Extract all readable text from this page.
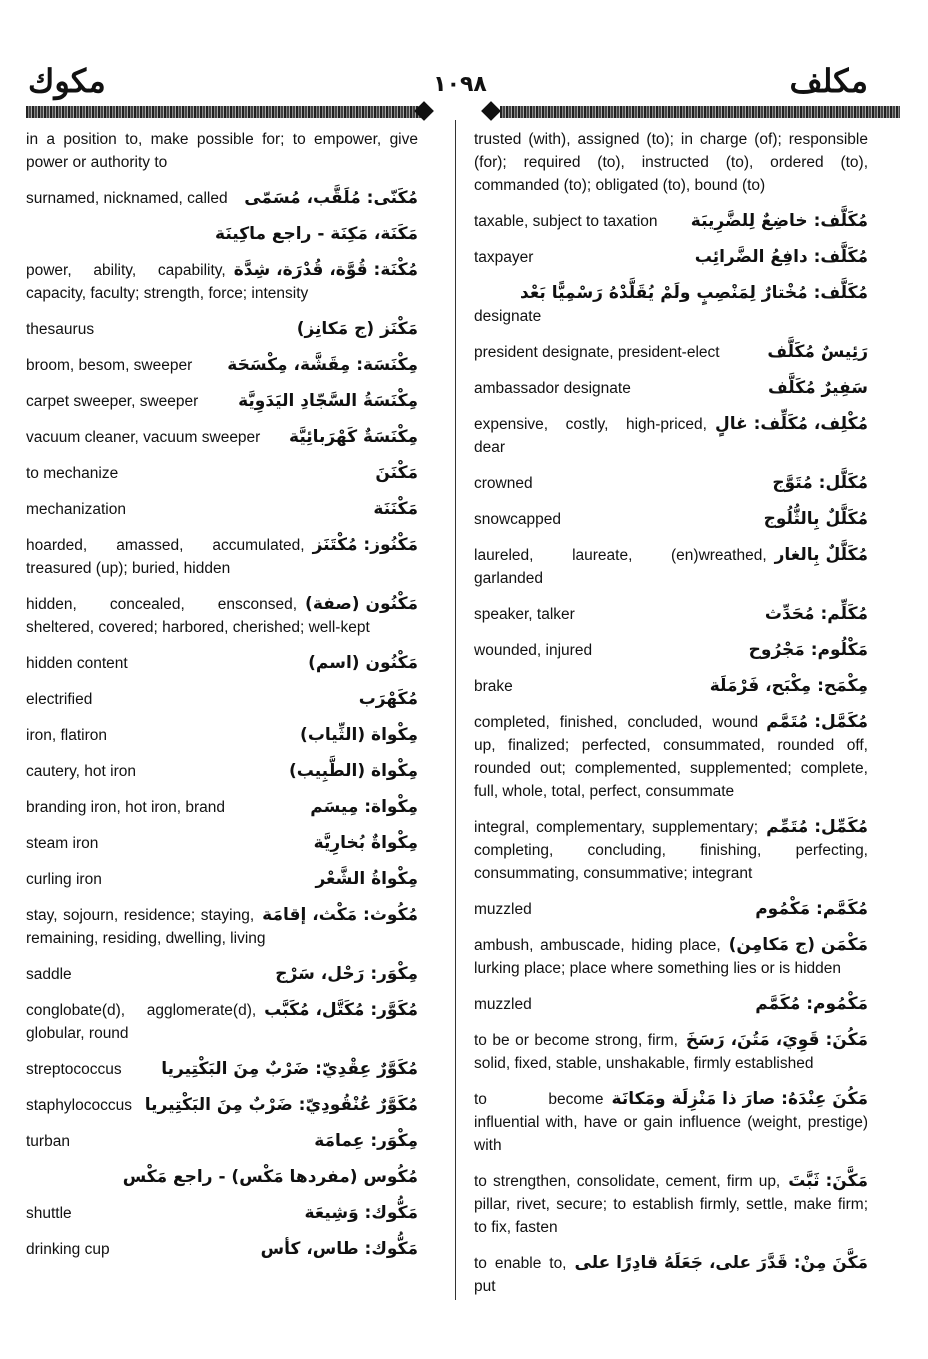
مكوك	١٠٩٨	مكلف
in a position to, make possible for; to empower, give power or authority to
مُكَنّى: مُلَقَّب، مُسَمّى
surnamed, nicknamed, called
مَكَنَة، مَكِنَة - راجع ماكِينَة
مُكْنَة: قُوَّة، قُدْرَة، شِدَّة
power, ability, capability, capacity, faculty; strength, force; intensity
مَكْنَز (ج مَكانِز)
thesaurus
مِكْنَسَة: مِقَشَّة، مِكْسَحَة
broom, besom, sweeper
مِكْنَسَةُ السَّجّادِ اليَدَوِيَّة
carpet sweeper, sweeper
مِكْنَسَةٌ كَهْرَبائِيَّة
vacuum cleaner, vacuum sweeper
مَكْنَنَ
to mechanize
مَكْنَنَة
mechanization
مَكْنُوز: مُكْتَنَز
hoarded, amassed, accumulated, treasured (up); buried, hidden
مَكْنُون (صفة)
hidden, concealed, ensconsed, sheltered, covered; harbored, cherished; well-kept
مَكْنُون (اسم)
hidden content
مُكَهْرَب
electrified
مِكْواة (الثِّياب)
iron, flatiron
مِكْواة (الطَّبِيب)
cautery, hot iron
مِكْواة: مِيسَم
branding iron, hot iron, brand
مِكْواةٌ بُخارِيَّة
steam iron
مِكْواةُ الشَّعْر
curling iron
مُكُوث: مَكْث، إقامَة
stay, sojourn, residence; staying, remaining, residing, dwelling, living
مِكْوَر: رَحْل، سَرْج
saddle
مُكَوَّر: مُكَتَّل، مُكَبَّب
conglobate(d), agglomerate(d), globular, round
مُكَوَّرٌ عِقْدِيّ: ضَرْبٌ مِنَ البَكْتِيريا
streptococcus
مُكَوَّرٌ عُنْقُودِيّ: ضَرْبٌ مِنَ البَكْتِيريا
staphylococcus
مِكْوَر: عِمامَة
turban
مُكُوس (مفردها مَكْس) - راجع مَكْس
مَكُّوك: وَشِيعَة
shuttle
مَكُّوك: طاس، كأس
drinking cup
trusted (with), assigned (to); in charge (of); responsible (for); required (to), instructed (to), ordered (to), commanded (to); obligated (to), bound (to)
مُكَلَّف: خاضِعٌ لِلضَّرِيبَة
taxable, subject to taxation
مُكَلَّف: دافِعُ الضَّرائِب
taxpayer
مُكَلَّف: مُخْتارٌ لِمَنْصِبٍ ولَمْ يُقَلَّدْهُ رَسْمِيًّا بَعْد
designate
رَئِيسٌ مُكَلَّف
president designate, president-elect
سَفِيرٌ مُكَلَّف
ambassador designate
مُكْلِف، مُكَلِّف: غالٍ
expensive, costly, high-priced, dear
مُكَلَّل: مُتَوَّج
crowned
مُكَلَّلٌ بِالثُّلُوج
snowcapped
مُكَلَّلٌ بِالغار
laureled, laureate, (en)wreathed, garlanded
مُكَلِّم: مُحَدِّث
speaker, talker
مَكْلُوم: مَجْرُوح
wounded, injured
مِكْمَح: مِكْبَح، فَرْمَلَة
brake
مُكَمَّل: مُتَمَّم
completed, finished, concluded, wound up, finalized; perfected, consummated, rounded off, rounded out; complemented, supplemented; complete, full, whole, total, perfect, consummate
مُكَمِّل: مُتَمِّم
integral, complementary, supplementary; completing, concluding, finishing, perfecting, consummating, consummative; integrant
مُكَمَّم: مَكْمُوم
muzzled
مَكْمَن (ج مَكامِن)
ambush, ambuscade, hiding place, lurking place; place where something lies or is hidden
مَكْمُوم: مُكَمَّم
muzzled
مَكُنَ: قَوِيَ، مَتُنَ، رَسَخَ
to be or become strong, firm, solid, fixed, stable, unshakable, firmly established
مَكُنَ عِنْدَهُ: صارَ ذا مَنْزِلَة ومَكانَة
to become influential with, have or gain influence (weight, prestige) with
مَكَّنَ: ثَبَّتَ
to strengthen, consolidate, cement, firm up, pillar, rivet, secure; to establish firmly, settle, make firm; to fix, fasten
مَكَّنَ مِنْ: قَدَّرَ على، جَعَلَهُ قادِرًا على
to enable to, put
